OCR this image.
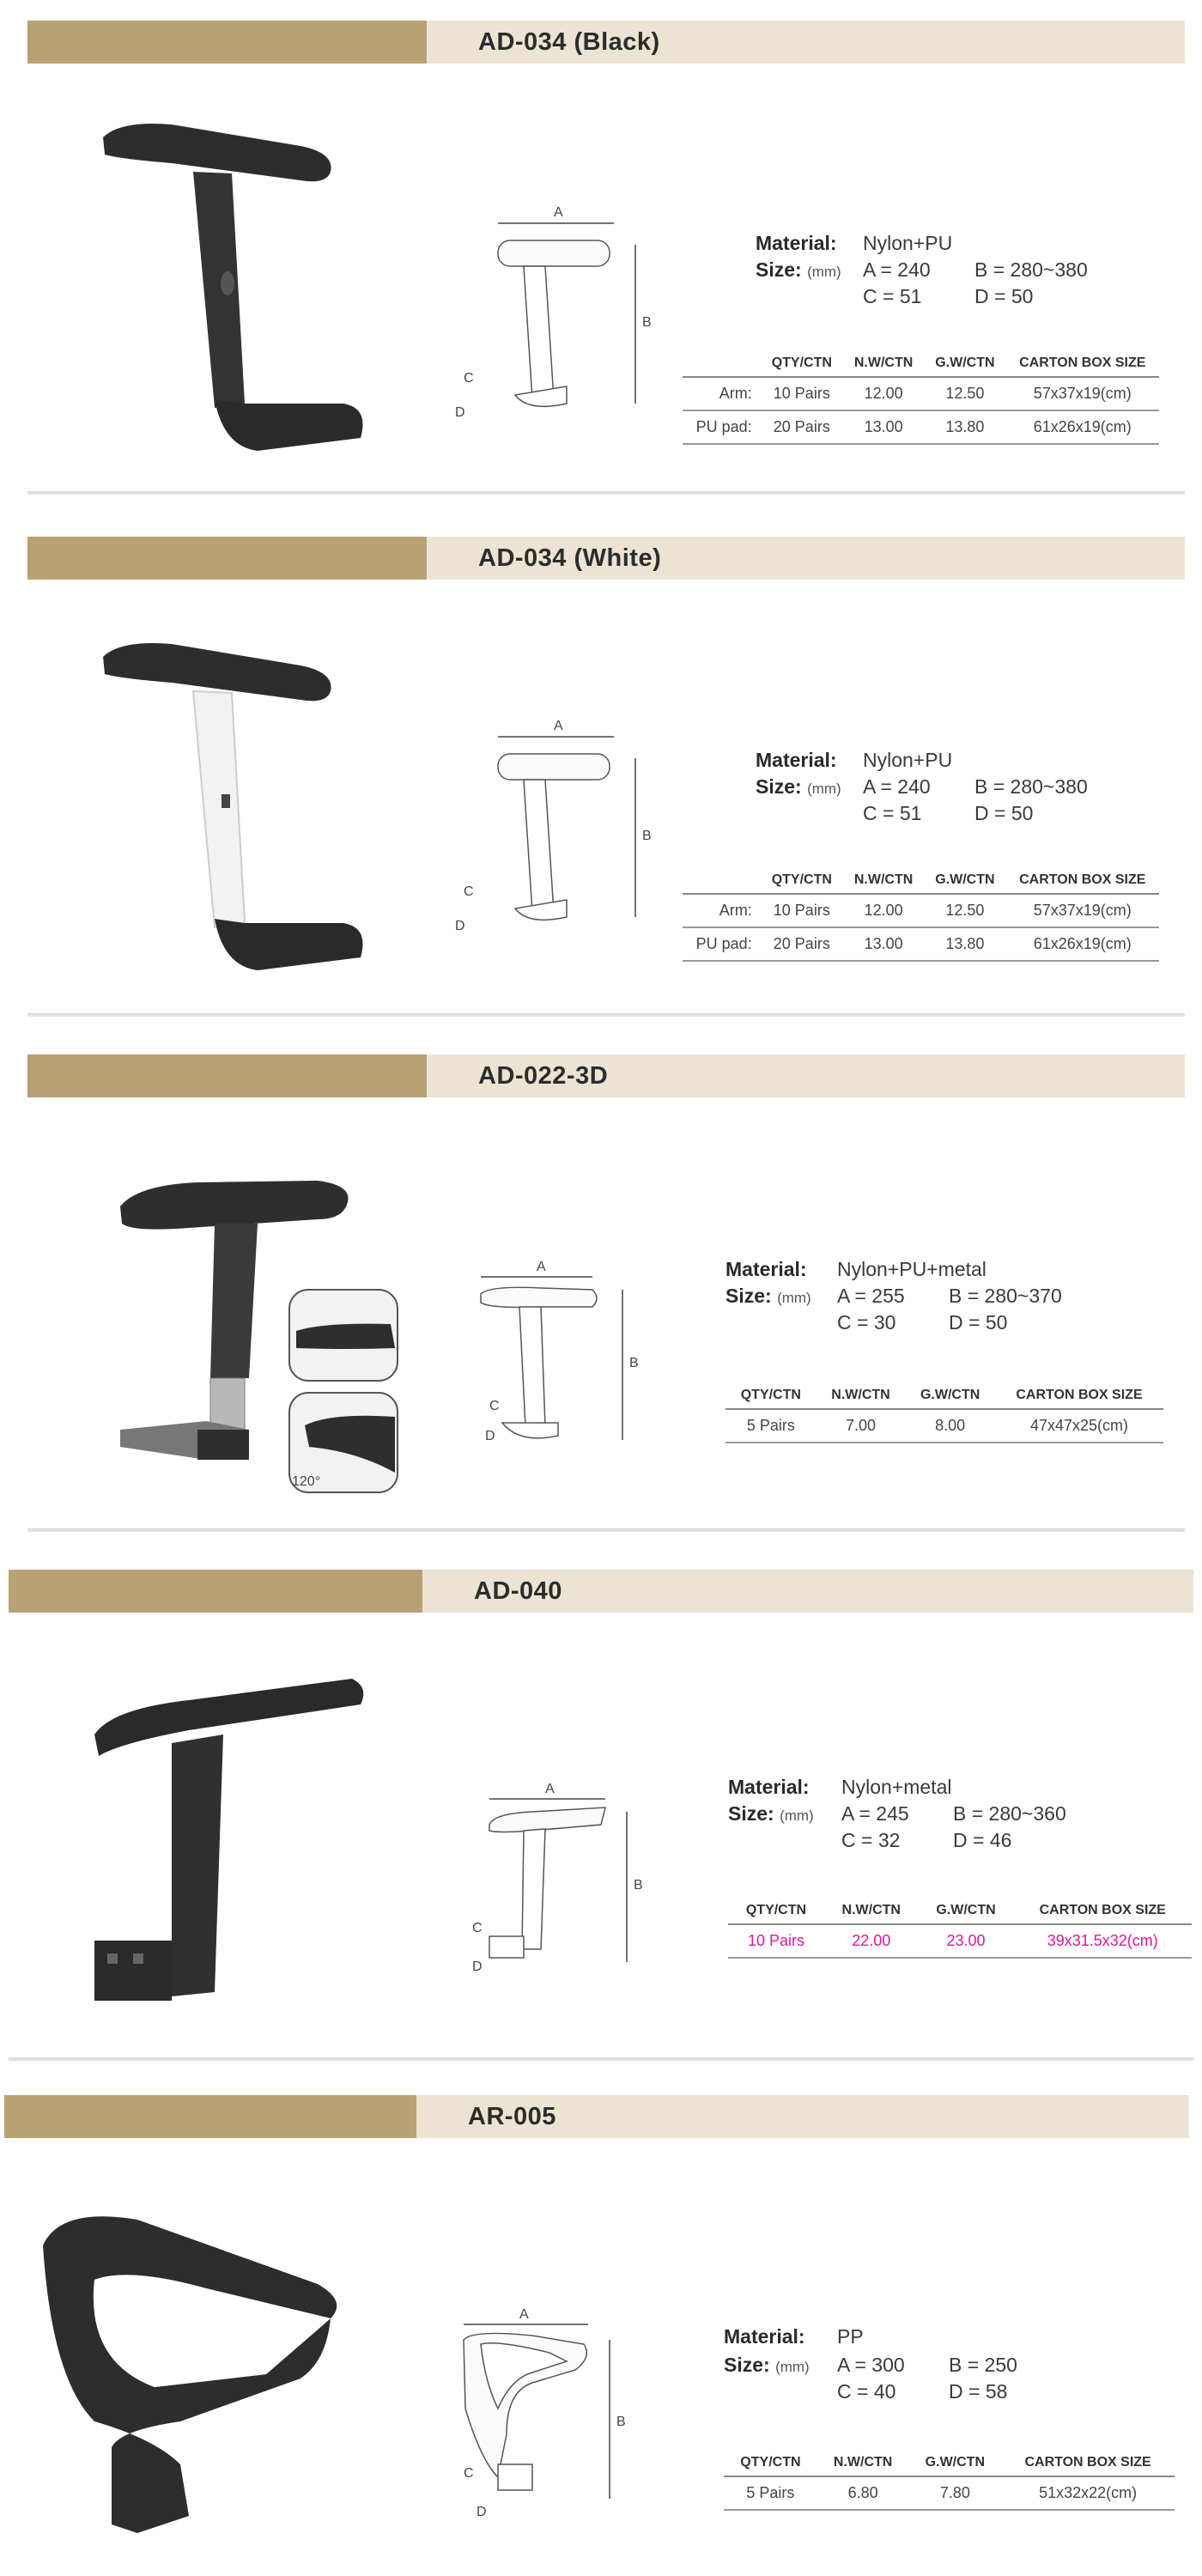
AD-034 (Black)
A
B
C
D
Material: Nylon+PU
Size: (mm) A = 240 B = 280~380
C = 51	D = 50
	QTY/CTN	N.W/CTN	G.W/CTN	CARTON BOX SIZE
Arm:	10 Pairs	12.00	12.50	57x37x19(cm)
PU pad:	20 Pairs	13.00	13.80	61x26x19(cm)
AD-034 (White)
A
B
C
D
Material: Nylon+PU
Size: (mm) A = 240 B = 280~380
C = 51	D = 50
	QTY/CTN	N.W/CTN	G.W/CTN	CARTON BOX SIZE
Arm:	10 Pairs	12.00	12.50	57x37x19(cm)
PU pad:	20 Pairs	13.00	13.80	61x26x19(cm)
AD-022-3D
120°
A
B
C
D
Material: Nylon+PU+metal
Size: (mm) A = 255 B = 280~370
C = 30	D = 50
QTY/CTN	N.W/CTN	G.W/CTN	CARTON BOX SIZE
5 Pairs	7.00	8.00	47x47x25(cm)
AD-040
A
B
C
D
Material: Nylon+metal
Size: (mm) A = 245 B = 280~360
C = 32	D = 46
QTY/CTN	N.W/CTN	G.W/CTN	CARTON BOX SIZE
10 Pairs	22.00	23.00	39x31.5x32(cm)
AR-005
A
B
C
D
Material: PP
Size: (mm) A = 300 B = 250
C = 40	D = 58
QTY/CTN	N.W/CTN	G.W/CTN	CARTON BOX SIZE
5 Pairs	6.80	7.80	51x32x22(cm)
